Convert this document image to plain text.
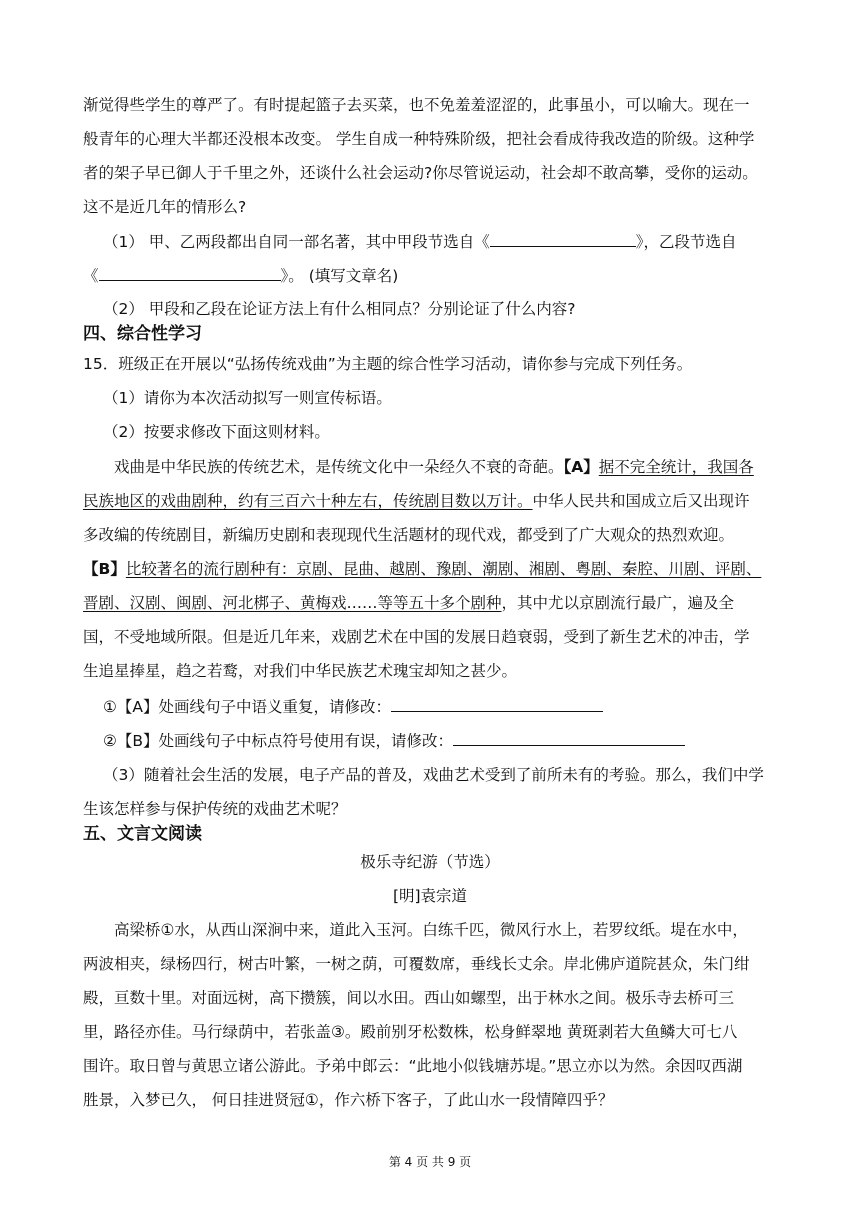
渐觉得些学生的尊严了。有时提起篮子去买菜，也不免羞羞涩涩的，此事虽小，可以喻大。现在一
般青年的心理大半都还没根本改变。 学生自成一种特殊阶级，把社会看成待我改造的阶级。这种学
者的架子早已御人于千里之外，还谈什么社会运动?你尽管说运动，社会却不敢高攀，受你的运动。
这不是近几年的情形么?
（1） 甲、乙两段都出自同一部名著，其中甲段节选自《	》，乙段节选自
《	》。 (填写文章名)
（2） 甲段和乙段在论证方法上有什么相同点？分别论证了什么内容?
四、综合性学习
15．班级正在开展以“弘扬传统戏曲”为主题的综合性学习活动，请你参与完成下列任务。
（1）请你为本次活动拟写一则宣传标语。
（2）按要求修改下面这则材料。
戏曲是中华民族的传统艺术，是传统文化中一朵经久不衰的奇葩。【A】据不完全统计，我国各
民族地区的戏曲剧种，约有三百六十种左右，传统剧目数以万计。中华人民共和国成立后又出现许
多改编的传统剧目，新编历史剧和表现现代生活题材的现代戏，都受到了广大观众的热烈欢迎。
【B】比较著名的流行剧种有：京剧、昆曲、越剧、豫剧、潮剧、湘剧、粤剧、秦腔、川剧、评剧、
晋剧、汉剧、闽剧、河北梆子、黄梅戏……等等五十多个剧种，其中尤以京剧流行最广，遍及全
国，不受地域所限。但是近几年来，戏剧艺术在中国的发展日趋衰弱，受到了新生艺术的冲击，学
生追星捧星，趋之若鹜，对我们中华民族艺术瑰宝却知之甚少。
①【A】处画线句子中语义重复，请修改：
②【B】处画线句子中标点符号使用有误，请修改：
（3）随着社会生活的发展，电子产品的普及，戏曲艺术受到了前所未有的考验。那么，我们中学
生该怎样参与保护传统的戏曲艺术呢？
五、文言文阅读
极乐寺纪游（节选）
[明]袁宗道
高梁桥①水，从西山深涧中来，道此入玉河。白练千匹，微风行水上，若罗纹纸。堤在水中，
两波相夹，绿杨四行，树古叶繁，一树之荫，可覆数席，垂线长丈余。岸北佛庐道院甚众，朱门绀
殿，亘数十里。对面远树，高下攒簇，间以水田。西山如螺型，出于林水之间。极乐寺去桥可三
里，路径亦佳。马行绿荫中，若张盖③。殿前别牙松数株，松身鲜翠地 黄斑剥若大鱼鳞大可七八
围许。取日曾与黄思立诸公游此。予弟中郎云：“此地小似钱塘苏堤。”思立亦以为然。余因叹西湖
胜景，入梦已久， 何日挂进贤冠①，作六桥下客子，了此山水一段情障四乎？
第 4 页 共 9 页
